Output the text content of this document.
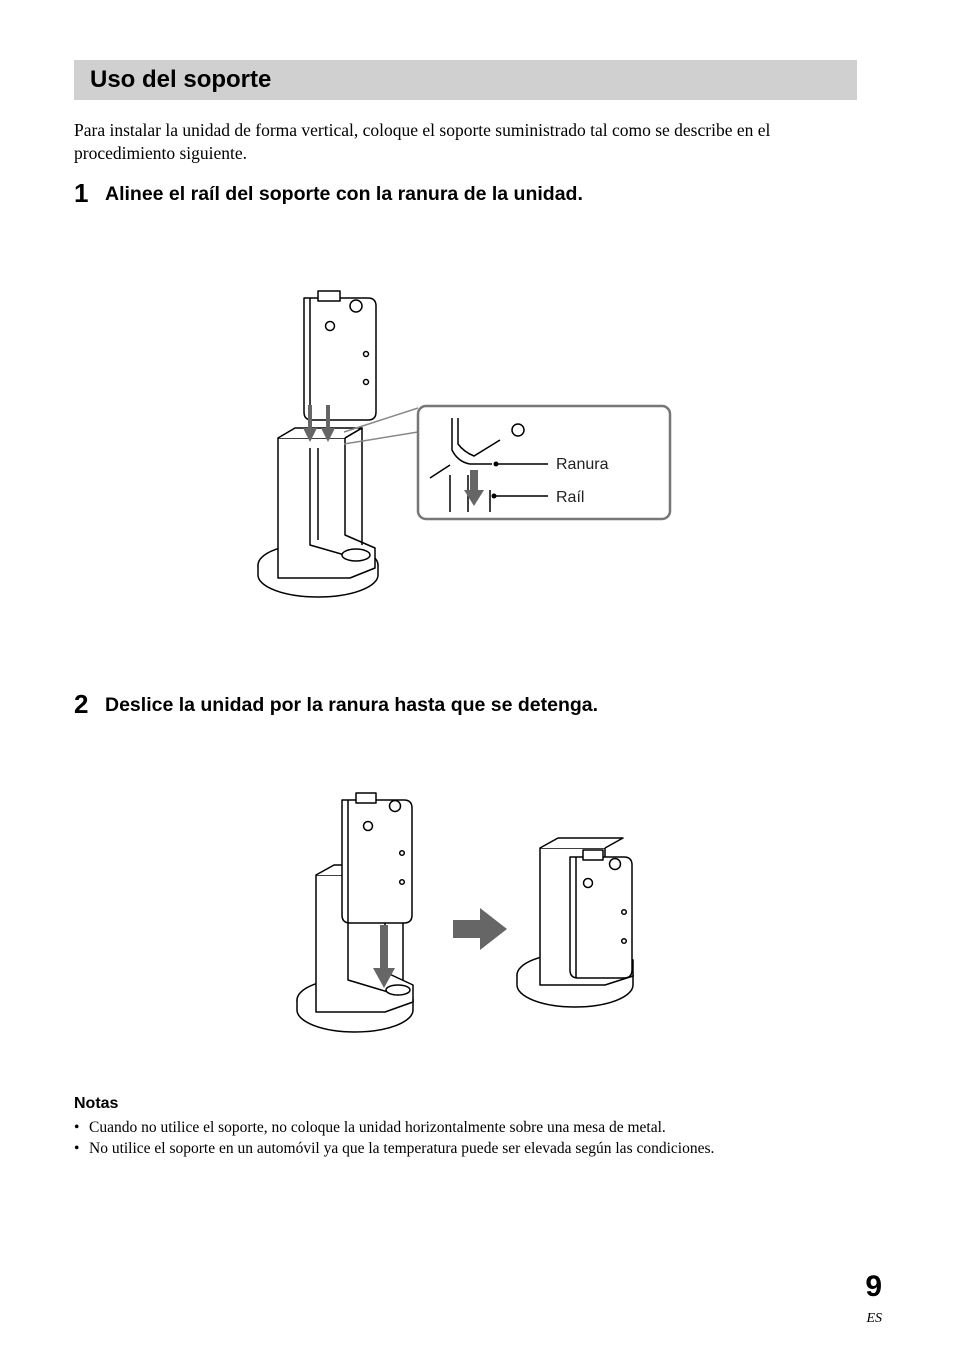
Uso del soporte

Para instalar la unidad de forma vertical, coloque el soporte suministrado tal como se describe en el procedimiento siguiente.

1 Alinee el raíl del soporte con la ranura de la unidad.
2 Deslice la unidad por la ranura hasta que se detenga.
Ranura
Raíl
Notas
• Cuando no utilice el soporte, no coloque la unidad horizontalmente sobre una mesa de metal.
• No utilice el soporte en un automóvil ya que la temperatura puede ser elevada según las condiciones.
9
ES
